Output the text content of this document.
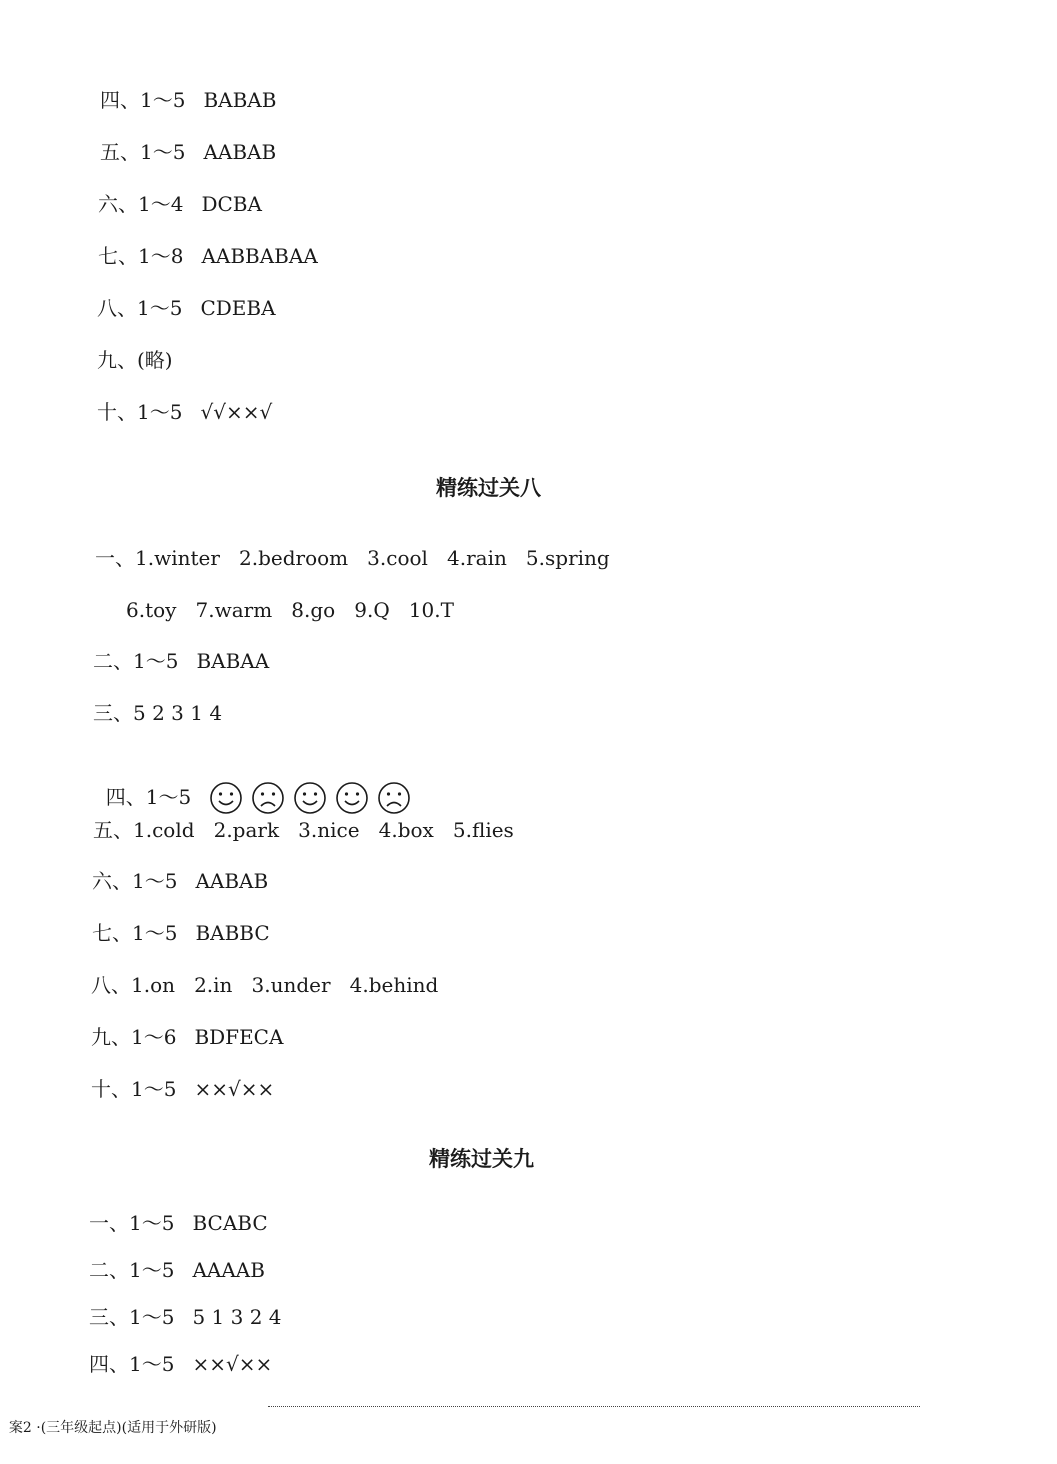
四、1～5 BABAB
五、1～5 AABAB
六、1～4 DCBA
七、1～8 AABBABAA
八、1～5 CDEBA
九、(略)
十、1～5 √√××√
精练过关八
一、1.winter   2.bedroom   3.cool   4.rain   5.spring
6.toy   7.warm   8.go   9.Q   10.T
二、1～5 BABAA
三、5 2 3 1 4

四、1～5

五、1.cold   2.park   3.nice   4.box   5.flies
六、1～5 AABAB
七、1～5 BABBC
八、1.on   2.in   3.under   4.behind
九、1～6 BDFECA
十、1～5 ××√××
精练过关九
一、1～5 BCABC
二、1～5 AAAAB
三、1～5 5 1 3 2 4
四、1～5 ××√××

案2 ·(三年级起点)(适用于外研版)
